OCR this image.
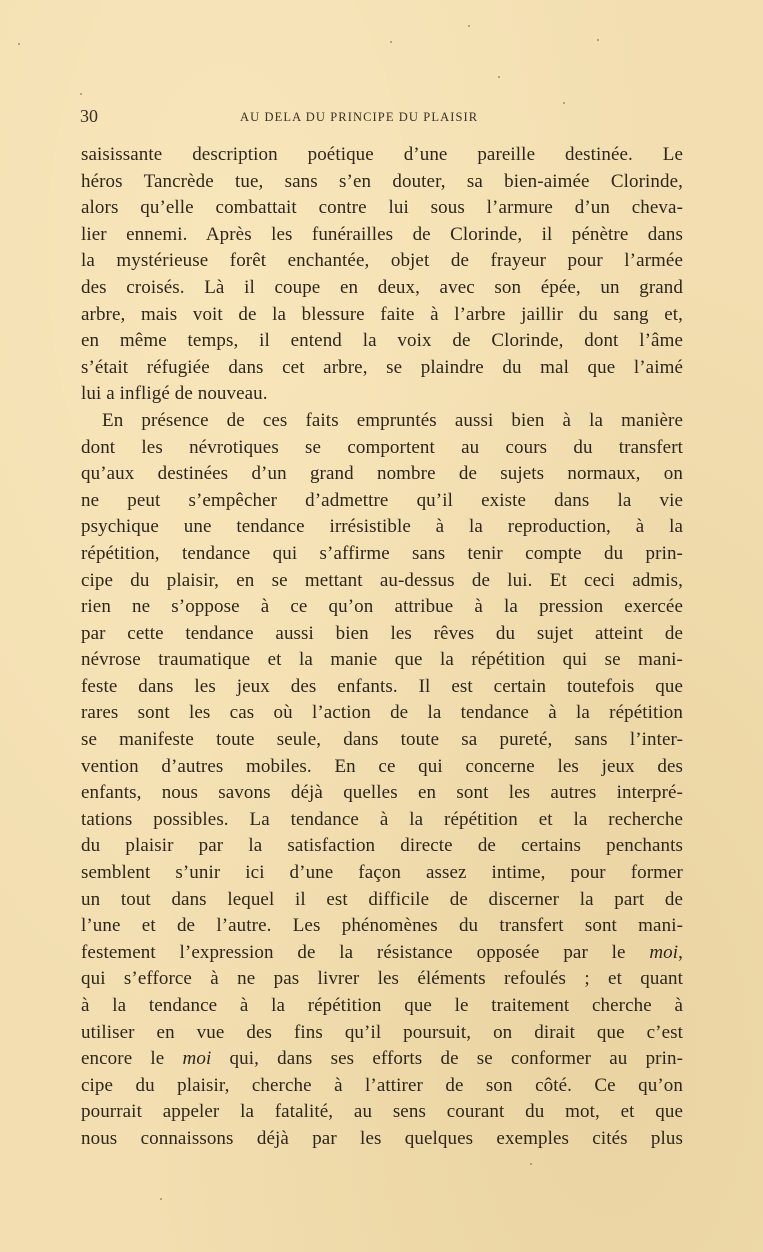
30	AU DELA DU PRINCIPE DU PLAISIR
saisissante description poétique d’une pareille destinée. Le
héros Tancrède tue, sans s’en douter, sa bien-aimée Clorinde,
alors qu’elle combattait contre lui sous l’armure d’un cheva-
lier ennemi. Après les funérailles de Clorinde, il pénètre dans
la mystérieuse forêt enchantée, objet de frayeur pour l’armée
des croisés. Là il coupe en deux, avec son épée, un grand
arbre, mais voit de la blessure faite à l’arbre jaillir du sang et,
en même temps, il entend la voix de Clorinde, dont l’âme
s’était réfugiée dans cet arbre, se plaindre du mal que l’aimé
lui a infligé de nouveau.
En présence de ces faits empruntés aussi bien à la manière
dont les névrotiques se comportent au cours du transfert
qu’aux destinées d’un grand nombre de sujets normaux, on
ne peut s’empêcher d’admettre qu’il existe dans la vie
psychique une tendance irrésistible à la reproduction, à la
répétition, tendance qui s’affirme sans tenir compte du prin-
cipe du plaisir, en se mettant au-dessus de lui. Et ceci admis,
rien ne s’oppose à ce qu’on attribue à la pression exercée
par cette tendance aussi bien les rêves du sujet atteint de
névrose traumatique et la manie que la répétition qui se mani-
feste dans les jeux des enfants. Il est certain toutefois que
rares sont les cas où l’action de la tendance à la répétition
se manifeste toute seule, dans toute sa pureté, sans l’inter-
vention d’autres mobiles. En ce qui concerne les jeux des
enfants, nous savons déjà quelles en sont les autres interpré-
tations possibles. La tendance à la répétition et la recherche
du plaisir par la satisfaction directe de certains penchants
semblent s’unir ici d’une façon assez intime, pour former
un tout dans lequel il est difficile de discerner la part de
l’une et de l’autre. Les phénomènes du transfert sont mani-
festement l’expression de la résistance opposée par le moi,
qui s’efforce à ne pas livrer les éléments refoulés ; et quant
à la tendance à la répétition que le traitement cherche à
utiliser en vue des fins qu’il poursuit, on dirait que c’est
encore le moi qui, dans ses efforts de se conformer au prin-
cipe du plaisir, cherche à l’attirer de son côté. Ce qu’on
pourrait appeler la fatalité, au sens courant du mot, et que
nous connaissons déjà par les quelques exemples cités plus
